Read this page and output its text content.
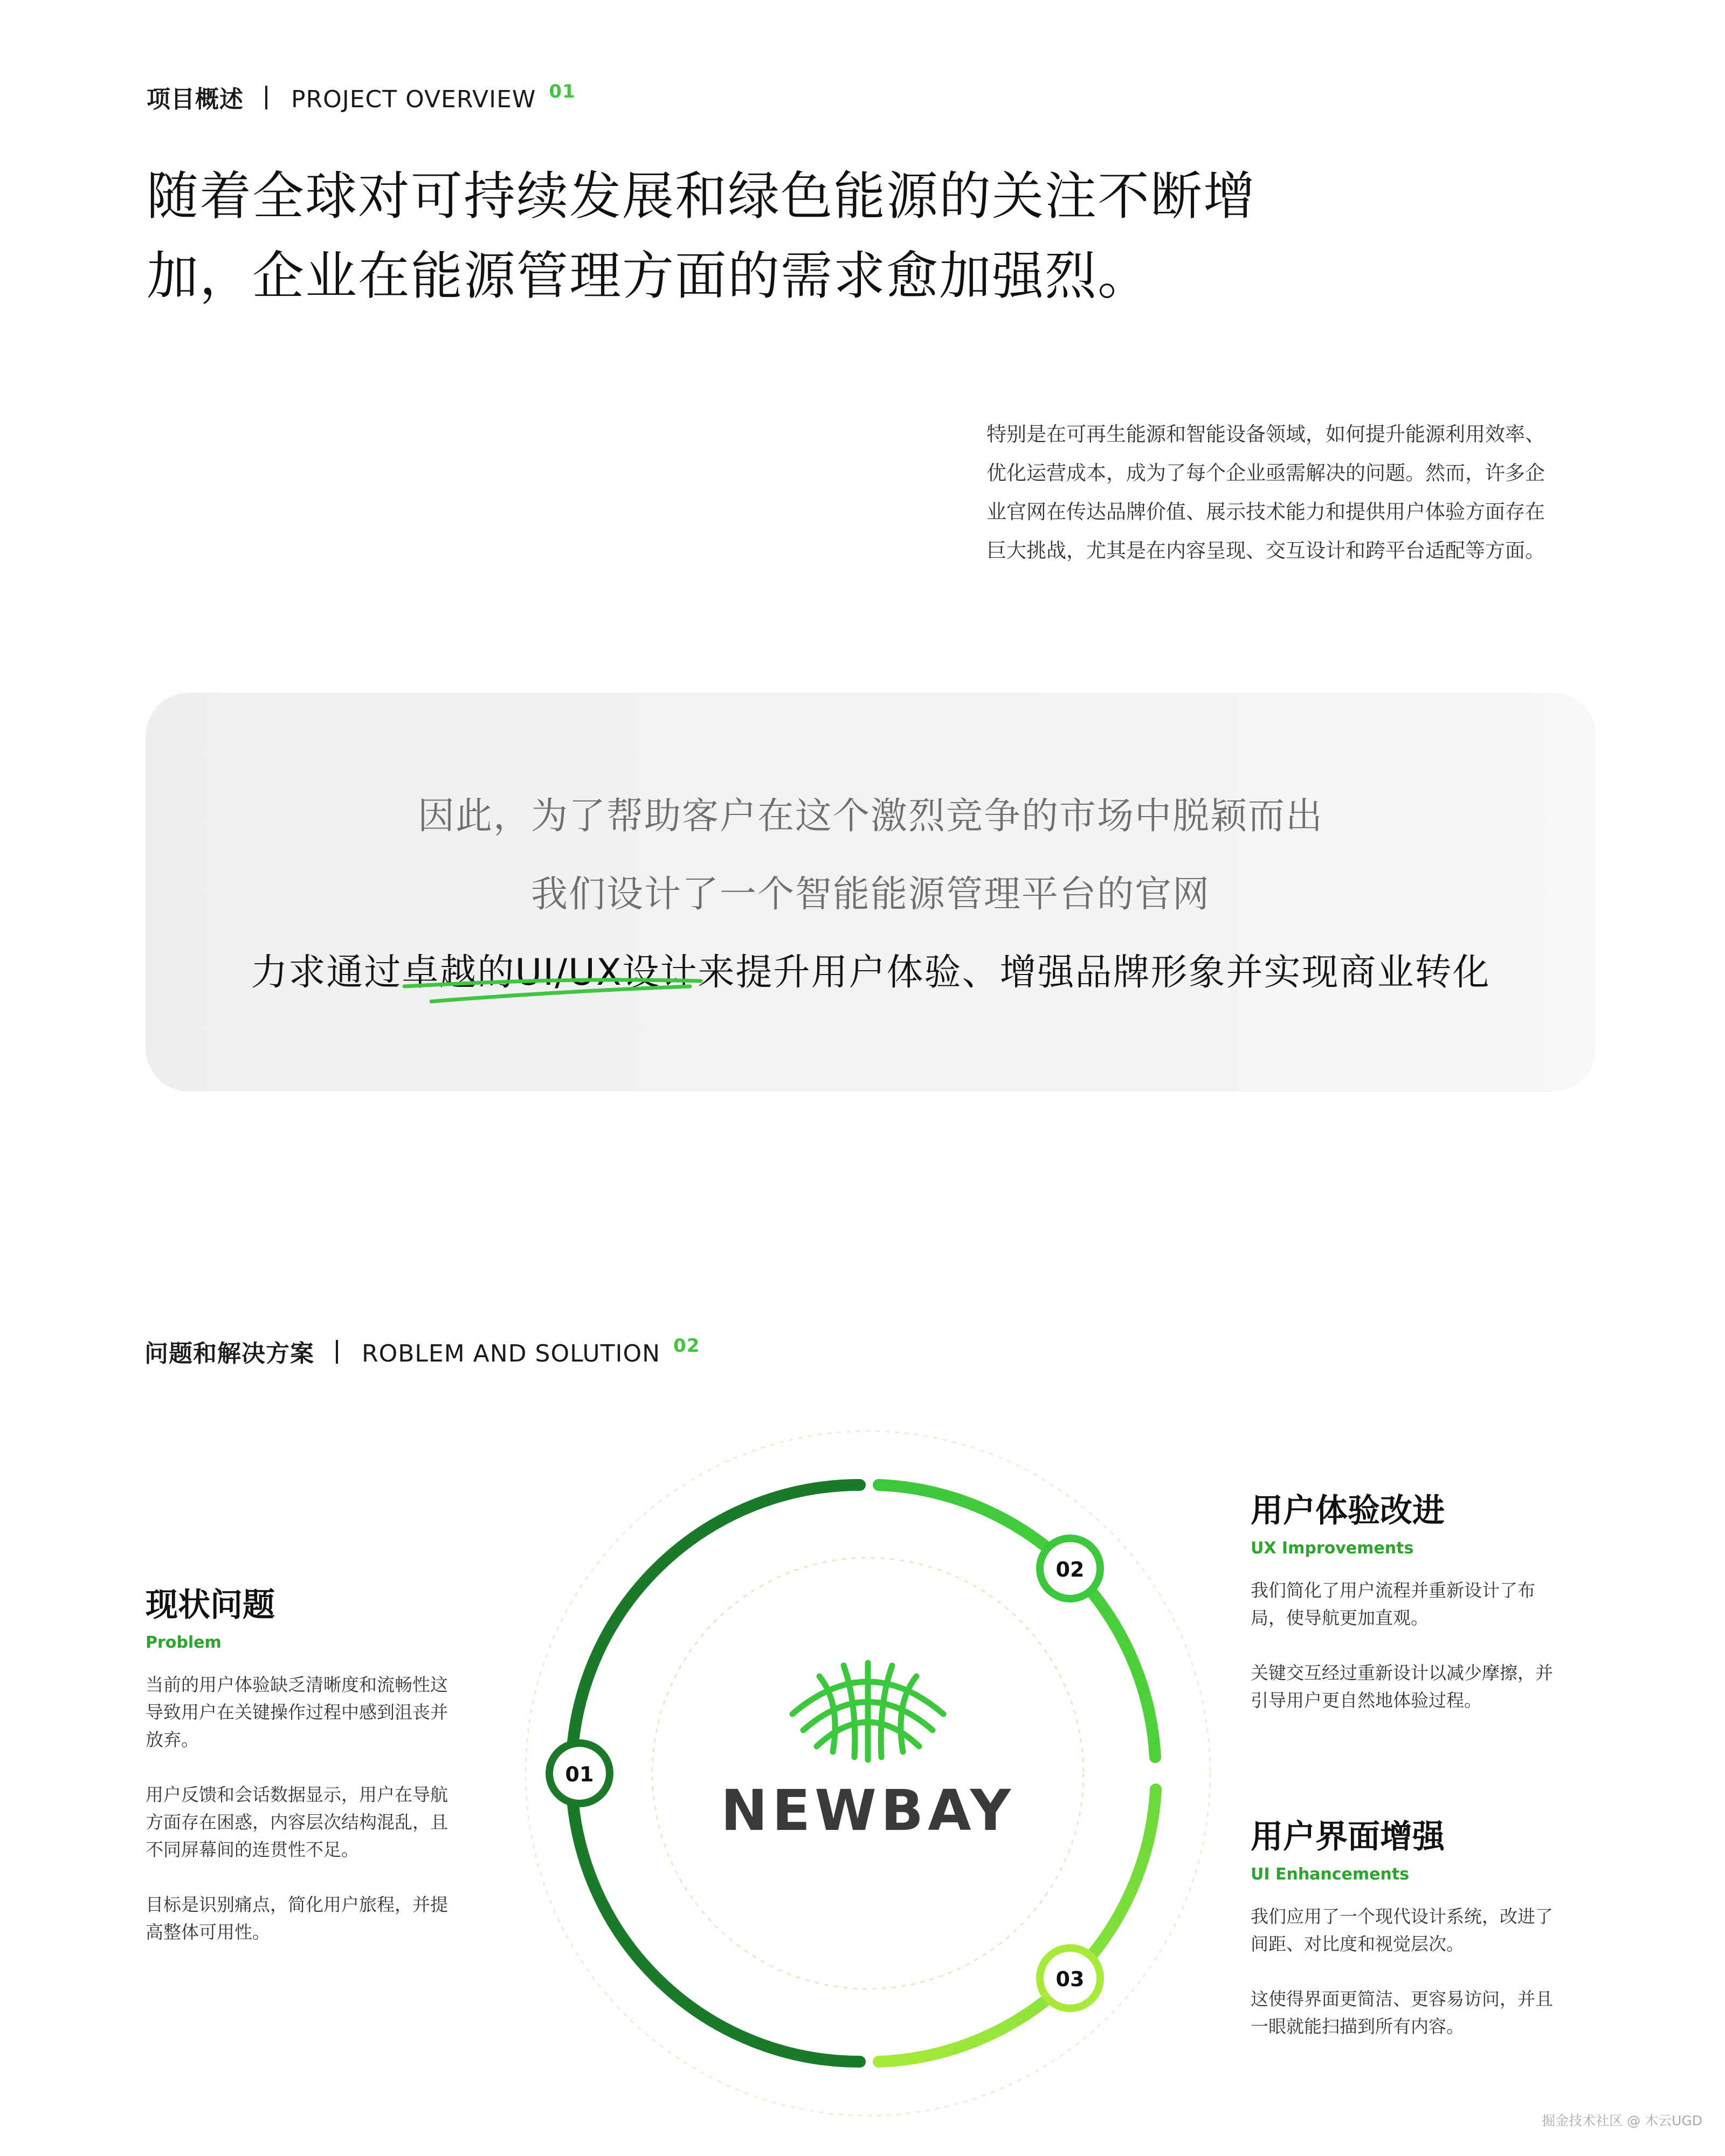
项目概述 PROJECT OVERVIEW 01
随着全球对可持续发展和绿色能源的关注不断增
加，企业在能源管理方面的需求愈加强烈。
特别是在可再生能源和智能设备领域，如何提升能源利用效率、
优化运营成本，成为了每个企业亟需解决的问题。然而，许多企
业官网在传达品牌价值、展示技术能力和提供用户体验方面存在
巨大挑战，尤其是在内容呈现、交互设计和跨平台适配等方面。
因此，为了帮助客户在这个激烈竞争的市场中脱颖而出
我们设计了一个智能能源管理平台的官网
力求通过卓越的UI/UX设计来提升用户体验、增强品牌形象并实现商业转化
问题和解决方案 ROBLEM AND SOLUTION 02
现状问题
Problem

当前的用户体验缺乏清晰度和流畅性这
导致用户在关键操作过程中感到沮丧并
放弃。

用户反馈和会话数据显示，用户在导航
方面存在困惑，内容层次结构混乱，且
不同屏幕间的连贯性不足。

目标是识别痛点，简化用户旅程，并提
高整体可用性。

用户体验改进
UX Improvements

我们简化了用户流程并重新设计了布
局，使导航更加直观。

关键交互经过重新设计以减少摩擦，并
引导用户更自然地体验过程。

用户界面增强
UI Enhancements

我们应用了一个现代设计系统，改进了
间距、对比度和视觉层次。

这使得界面更简洁、更容易访问，并且
一眼就能扫描到所有内容。

01
02
03
NEWBAY
掘金技术社区 @ 木云UGD
